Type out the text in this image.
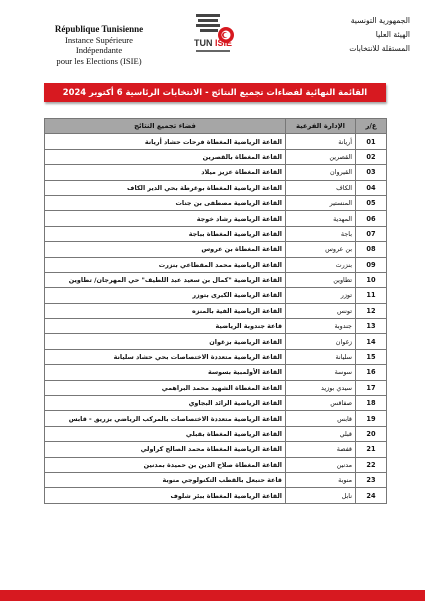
République Tunisienne
Instance Supérieure Indépendante
pour les Elections (ISIE)
TUN ISIE
الجمهورية التونسية
الهيئة العليا
المستقلة للانتخابات
القائمة النهائية لفضاءات تجميع النتائج - الانتخابات الرئاسية 6 أكتوبر 2024
فضاء تجميع النتائج	الإدارة الفرعية	ع/ر
القاعة الرياضية المغطاة فرحات حشاد أريانة	أريانة	01
القاعة المغطاة بالقصرين	القصرين	02
القاعة المغطاة عزيز ميلاد	القيروان	03
القاعة الرياضية المغطاة بوغرطة بحي الدير الكاف	الكاف	04
القاعة الرياضية مصطفى بن جنات	المنستير	05
القاعة الرياضية رشاد خوجة	المهدية	06
القاعة الرياضية المغطاة بباجة	باجة	07
القاعة المغطاة بن عروس	بن عروس	08
القاعة الرياضية محمد المقطاعي بنزرت	بنزرت	09
القاعة الرياضية "كمال بن سعيد عبد اللطيف" حي المهرجان/ تطاوين	تطاوين	10
القاعة الرياضية الكبرى بتوزر	توزر	11
القاعة الرياضية الفية بالمنزه	تونس	12
قاعة جندوبة الرياضية	جندوبة	13
القاعة الرياضية بزغوان	زغوان	14
القاعة الرياضية متعددة الاختصاصات بحي حشاد سليانة	سليانة	15
القاعة الأولمبية بسوسة	سوسة	16
القاعة المغطاة الشهيد محمد البراهمي	سيدي بوزيد	17
القاعة الرياضية الرائد البجاوي	صفاقس	18
القاعة الرياضية متعددة الاختصاصات بالمركب الرياضي بزريق - قابس	قابس	19
القاعة الرياضية المغطاة بقبلي	قبلي	20
القاعة الرياضية المغطاة محمد الصالح كراولي	قفصة	21
القاعة المغطاة صلاح الدين بن حميدة بمدنين	مدنين	22
قاعة حنبعل بالقطب التكنولوجي منوبة	منوبة	23
القاعة الرياضية المغطاة ببئر شلوف	نابل	24
